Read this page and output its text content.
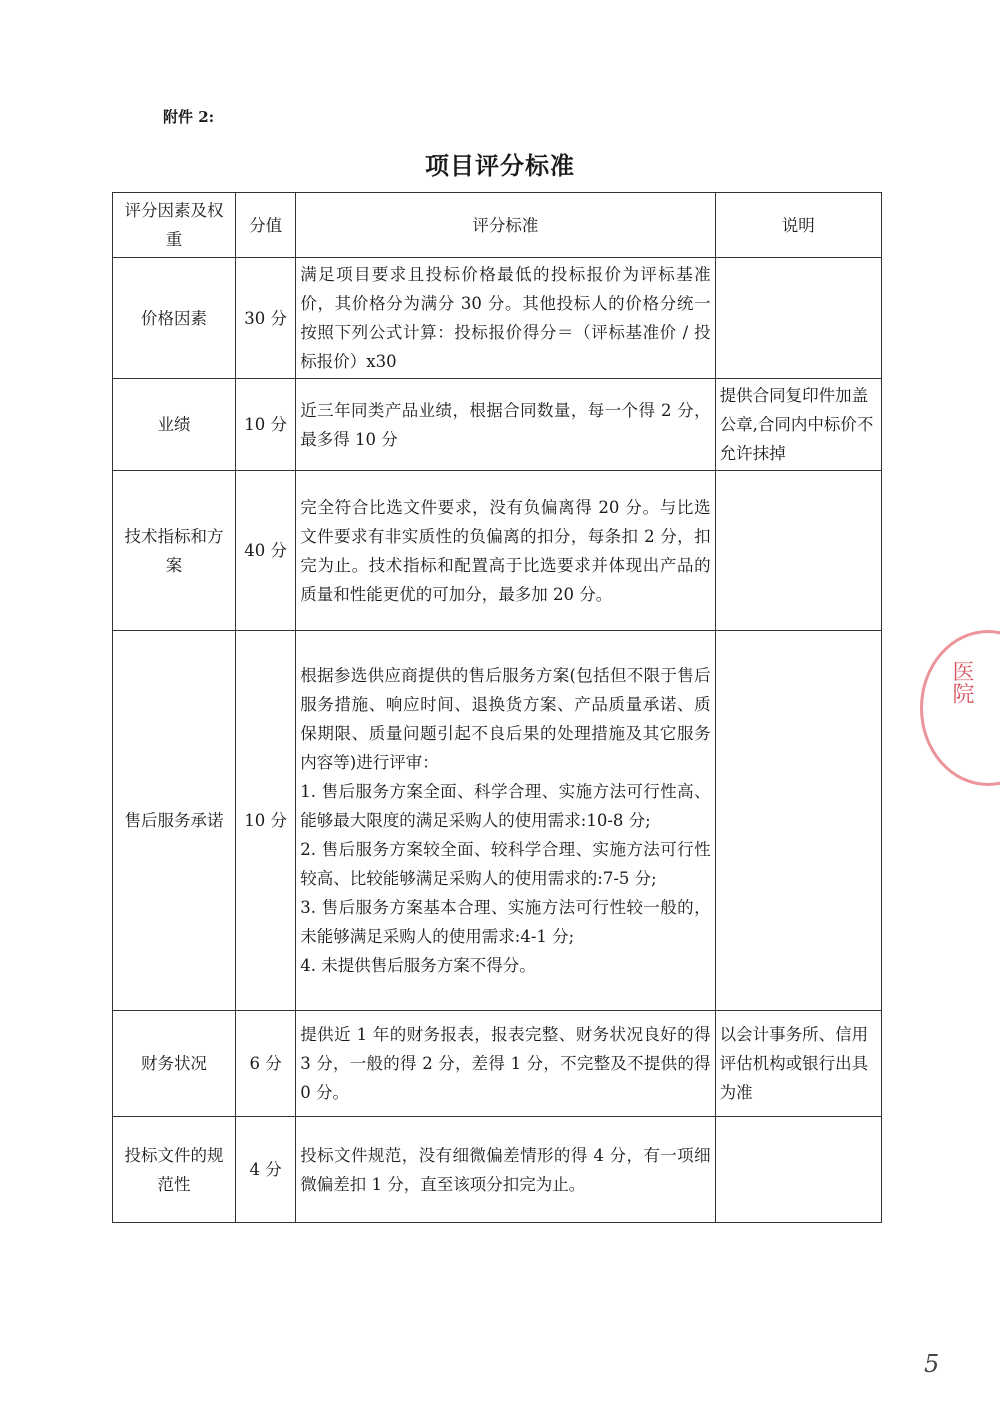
附件 2:
项目评分标准
评分因素及权重	分值	评分标准	说明
价格因素	30 分	满足项目要求且投标价格最低的投标报价为评标基准价，其价格分为满分 30 分。其他投标人的价格分统一按照下列公式计算：投标报价得分＝（评标基准价 / 投标报价）x30	
业绩	10 分	近三年同类产品业绩，根据合同数量，每一个得 2 分，最多得 10 分	提供合同复印件加盖公章,合同内中标价不允许抹掉
技术指标和方案	40 分	完全符合比选文件要求，没有负偏离得 20 分。与比选文件要求有非实质性的负偏离的扣分，每条扣 2 分，扣完为止。技术指标和配置高于比选要求并体现出产品的质量和性能更优的可加分，最多加 20 分。	
售后服务承诺	10 分	根据参选供应商提供的售后服务方案(包括但不限于售后服务措施、响应时间、退换货方案、产品质量承诺、质保期限、质量问题引起不良后果的处理措施及其它服务内容等)进行评审：
1. 售后服务方案全面、科学合理、实施方法可行性高、能够最大限度的满足采购人的使用需求:10-8 分;
2. 售后服务方案较全面、较科学合理、实施方法可行性较高、比较能够满足采购人的使用需求的:7-5 分;
3. 售后服务方案基本合理、实施方法可行性较一般的，未能够满足采购人的使用需求:4-1 分;
4. 未提供售后服务方案不得分。	

财务状况	6 分	提供近 1 年的财务报表，报表完整、财务状况良好的得 3 分，一般的得 2 分，差得 1 分，不完整及不提供的得 0 分。	以会计事务所、信用评估机构或银行出具为准
投标文件的规范性	4 分	投标文件规范，没有细微偏差情形的得 4 分，有一项细微偏差扣 1 分，直至该项分扣完为止。	
医院
5
